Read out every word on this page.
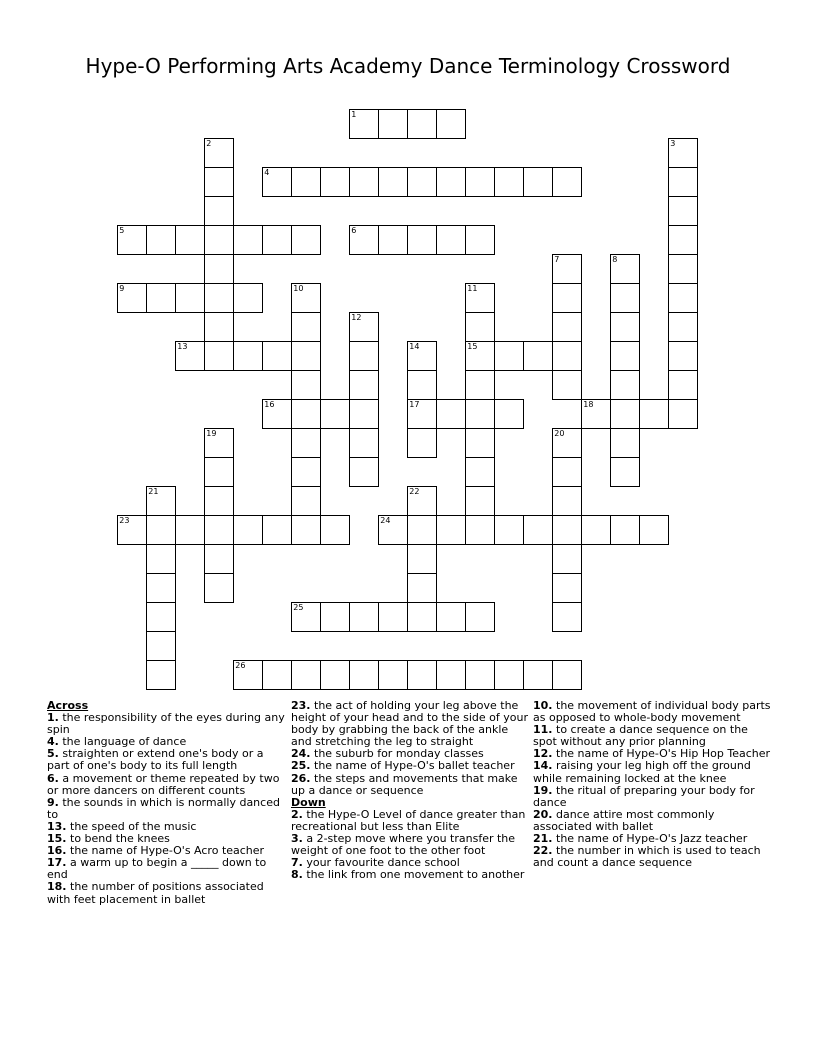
Hype-O Performing Arts Academy Dance Terminology Crossword
1
2	3
4
5	6
7	8
9	10	11
15
12
13	14
17
16	18
19	20
21	22
23	24
25
26
Across
1. the responsibility of the eyes during any spin
4. the language of dance
5. straighten or extend one's body or a part of one's body to its full length
6. a movement or theme repeated by two or more dancers on different counts
9. the sounds in which is normally danced to
13. the speed of the music
15. to bend the knees
16. the name of Hype-O's Acro teacher
17. a warm up to begin a _____ down to end
18. the number of positions associated with feet placement in ballet
23. the act of holding your leg above the height of your head and to the side of your body by grabbing the back of the ankle and stretching the leg to straight
24. the suburb for monday classes
25. the name of Hype-O's ballet teacher
26. the steps and movements that make up a dance or sequence
Down
2. the Hype-O Level of dance greater than recreational but less than Elite
3. a 2-step move where you transfer the weight of one foot to the other foot
7. your favourite dance school
8. the link from one movement to another
10. the movement of individual body parts as opposed to whole-body movement
11. to create a dance sequence on the spot without any prior planning
12. the name of Hype-O's Hip Hop Teacher
14. raising your leg high off the ground while remaining locked at the knee
19. the ritual of preparing your body for dance
20. dance attire most commonly associated with ballet
21. the name of Hype-O's Jazz teacher
22. the number in which is used to teach and count a dance sequence
